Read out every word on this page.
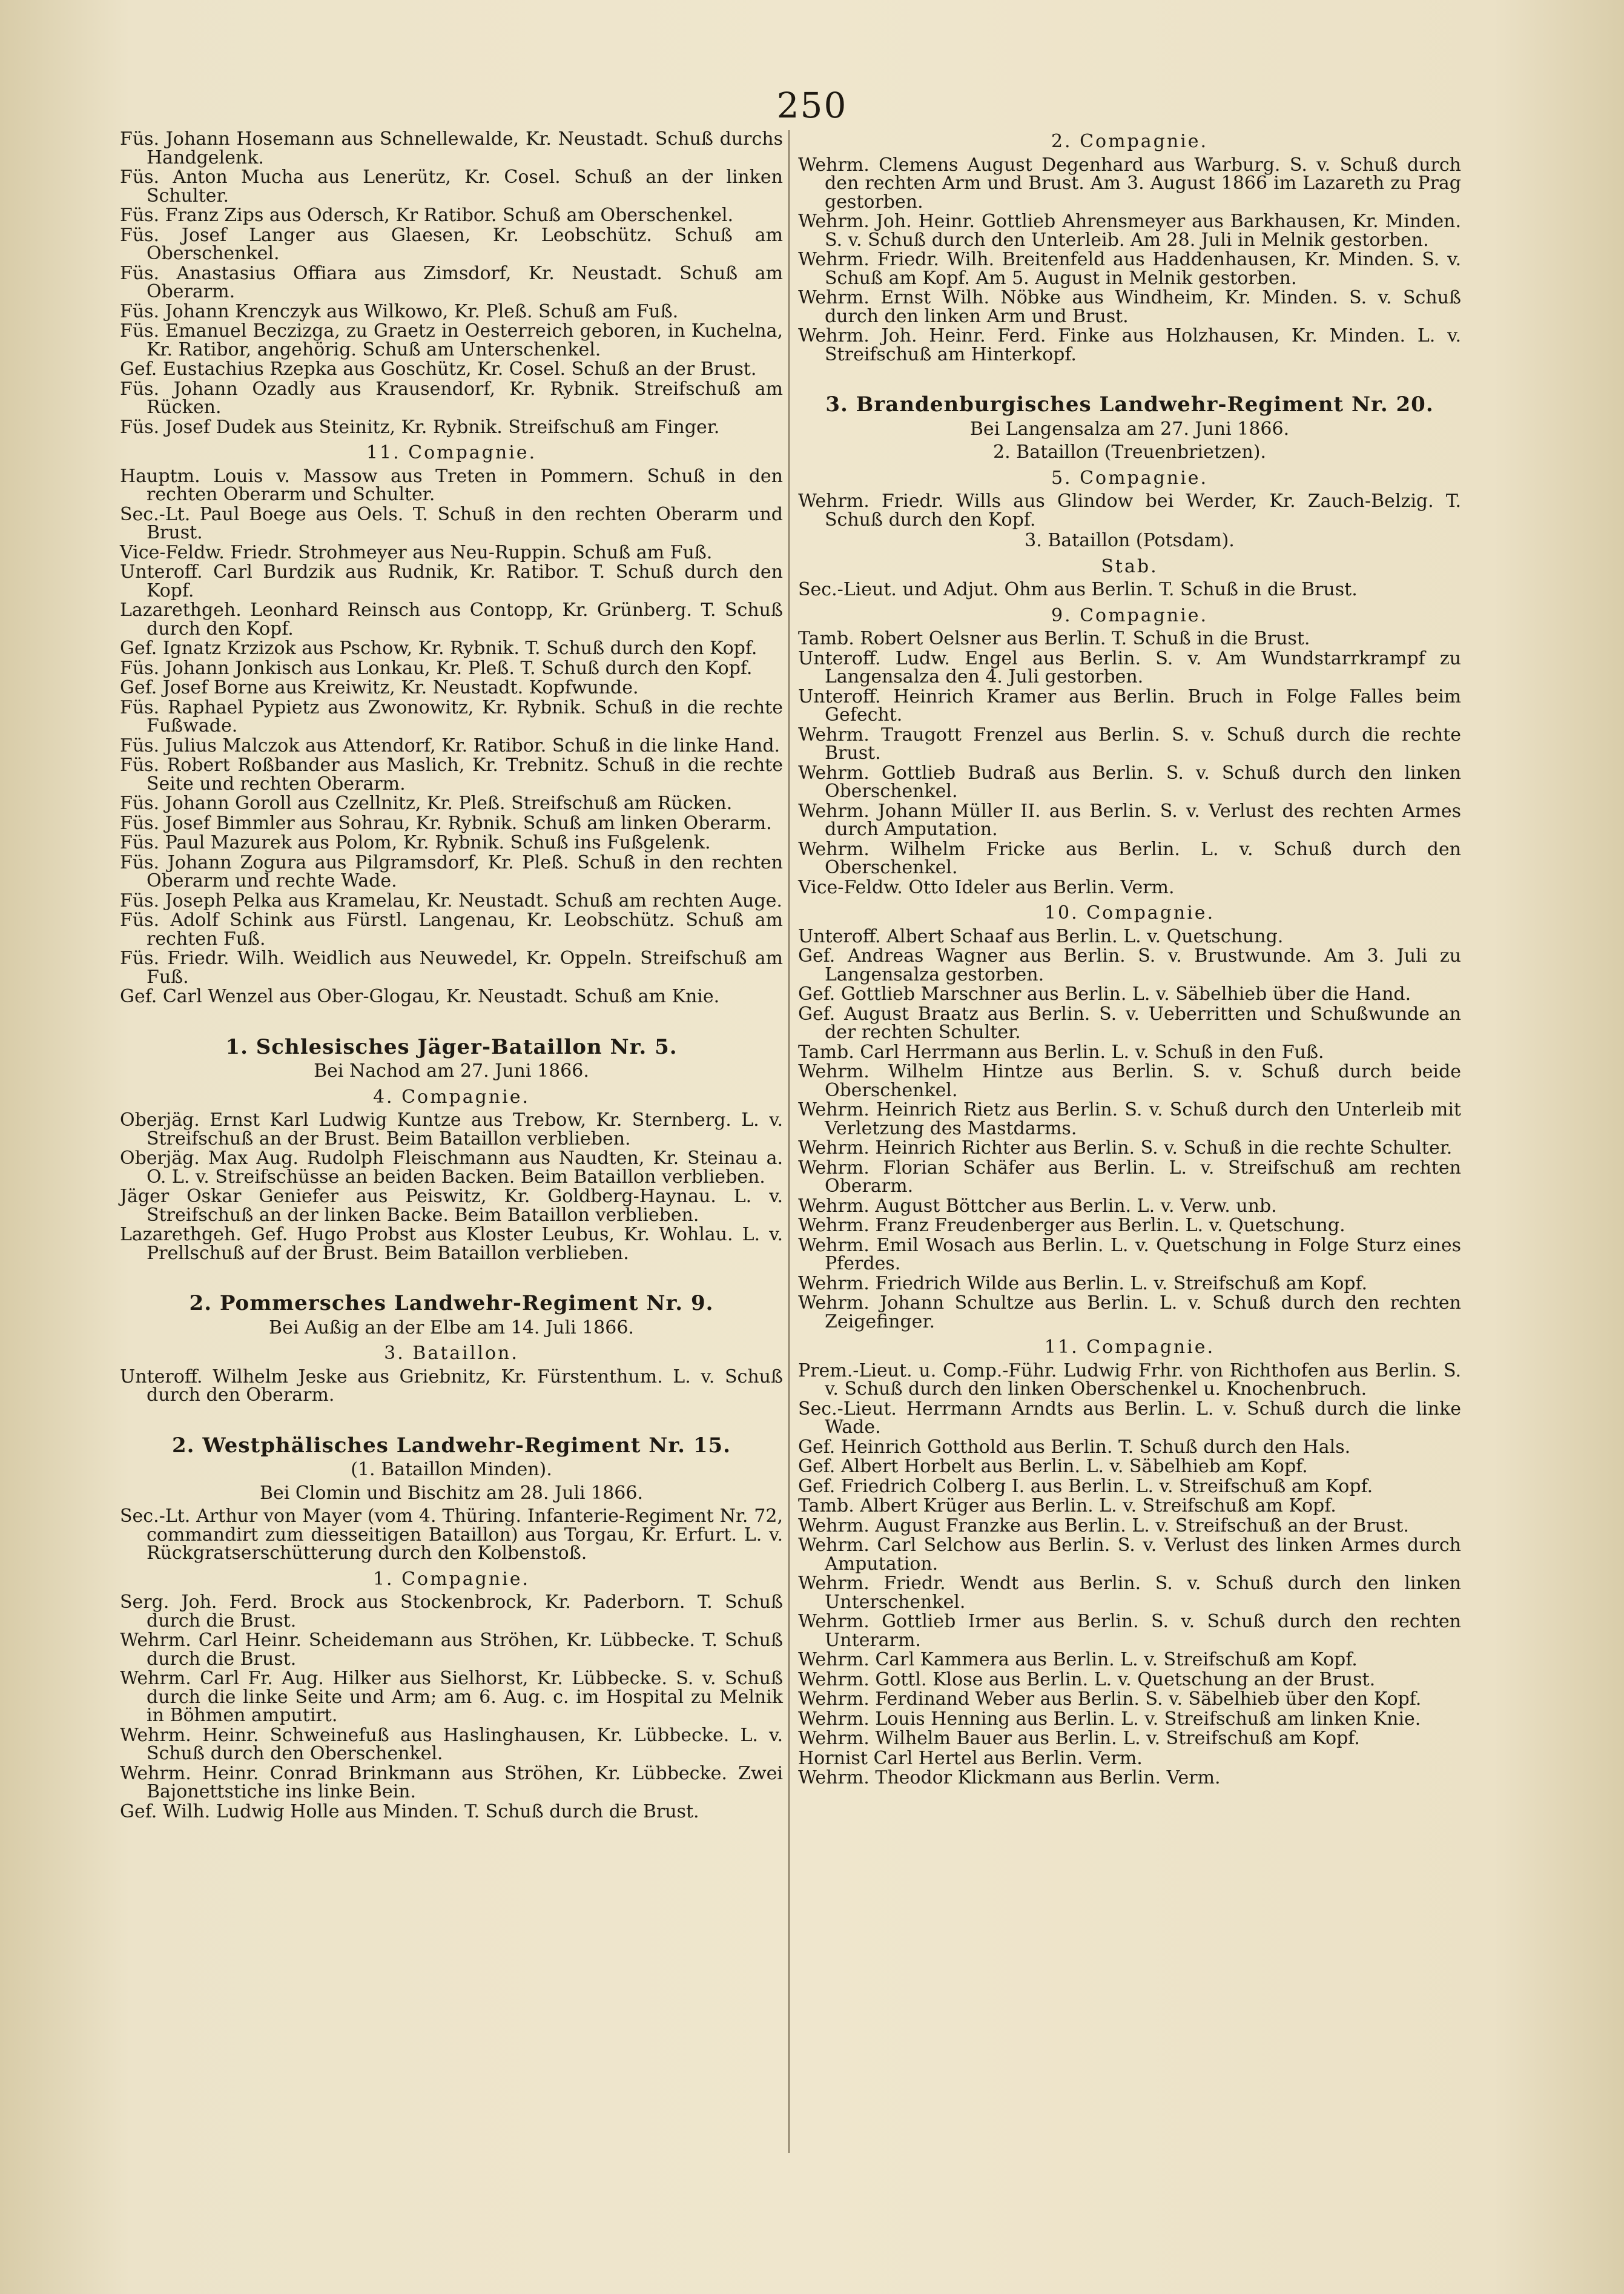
250

Füs. Johann Hosemann aus Schnellewalde, Kr. Neustadt. Schuß durchs Handgelenk.

Füs. Anton Mucha aus Lenerütz, Kr. Cosel. Schuß an der linken Schulter.

Füs. Franz Zips aus Odersch, Kr Ratibor. Schuß am Oberschenkel.

Füs. Josef Langer aus Glaesen, Kr. Leobschütz. Schuß am Oberschenkel.

Füs. Anastasius Offiara aus Zimsdorf, Kr. Neustadt. Schuß am Oberarm.

Füs. Johann Krenczyk aus Wilkowo, Kr. Pleß. Schuß am Fuß.

Füs. Emanuel Beczizga, zu Graetz in Oesterreich geboren, in Kuchelna, Kr. Ratibor, angehörig. Schuß am Unterschenkel.

Gef. Eustachius Rzepka aus Goschütz, Kr. Cosel. Schuß an der Brust.

Füs. Johann Ozadly aus Krausendorf, Kr. Rybnik. Streifschuß am Rücken.

Füs. Josef Dudek aus Steinitz, Kr. Rybnik. Streifschuß am Finger.

11. Compagnie.

Hauptm. Louis v. Massow aus Treten in Pommern. Schuß in den rechten Oberarm und Schulter.

Sec.-Lt. Paul Boege aus Oels. T. Schuß in den rechten Oberarm und Brust.

Vice-Feldw. Friedr. Strohmeyer aus Neu-Ruppin. Schuß am Fuß.

Unteroff. Carl Burdzik aus Rudnik, Kr. Ratibor. T. Schuß durch den Kopf.

Lazarethgeh. Leonhard Reinsch aus Contopp, Kr. Grünberg. T. Schuß durch den Kopf.

Gef. Ignatz Krzizok aus Pschow, Kr. Rybnik. T. Schuß durch den Kopf.

Füs. Johann Jonkisch aus Lonkau, Kr. Pleß. T. Schuß durch den Kopf.

Gef. Josef Borne aus Kreiwitz, Kr. Neustadt. Kopfwunde.

Füs. Raphael Pypietz aus Zwonowitz, Kr. Rybnik. Schuß in die rechte Fußwade.

Füs. Julius Malczok aus Attendorf, Kr. Ratibor. Schuß in die linke Hand.

Füs. Robert Roßbander aus Maslich, Kr. Trebnitz. Schuß in die rechte Seite und rechten Oberarm.

Füs. Johann Goroll aus Czellnitz, Kr. Pleß. Streifschuß am Rücken.

Füs. Josef Bimmler aus Sohrau, Kr. Rybnik. Schuß am linken Oberarm.

Füs. Paul Mazurek aus Polom, Kr. Rybnik. Schuß ins Fußgelenk.

Füs. Johann Zogura aus Pilgramsdorf, Kr. Pleß. Schuß in den rechten Oberarm und rechte Wade.

Füs. Joseph Pelka aus Kramelau, Kr. Neustadt. Schuß am rechten Auge.

Füs. Adolf Schink aus Fürstl. Langenau, Kr. Leobschütz. Schuß am rechten Fuß.

Füs. Friedr. Wilh. Weidlich aus Neuwedel, Kr. Oppeln. Streifschuß am Fuß.

Gef. Carl Wenzel aus Ober-Glogau, Kr. Neustadt. Schuß am Knie.

1. Schlesisches Jäger-Bataillon Nr. 5.
Bei Nachod am 27. Juni 1866.
4. Compagnie.

Oberjäg. Ernst Karl Ludwig Kuntze aus Trebow, Kr. Sternberg. L. v. Streifschuß an der Brust. Beim Bataillon verblieben.

Oberjäg. Max Aug. Rudolph Fleischmann aus Naudten, Kr. Steinau a. O. L. v. Streifschüsse an beiden Backen. Beim Bataillon verblieben.

Jäger Oskar Geniefer aus Peiswitz, Kr. Goldberg-Haynau. L. v. Streifschuß an der linken Backe. Beim Bataillon verblieben.

Lazarethgeh. Gef. Hugo Probst aus Kloster Leubus, Kr. Wohlau. L. v. Prellschuß auf der Brust. Beim Bataillon verblieben.

2. Pommersches Landwehr-Regiment Nr. 9.
Bei Außig an der Elbe am 14. Juli 1866.
3. Bataillon.

Unteroff. Wilhelm Jeske aus Griebnitz, Kr. Fürstenthum. L. v. Schuß durch den Oberarm.

2. Westphälisches Landwehr-Regiment Nr. 15.
(1. Bataillon Minden).
Bei Clomin und Bischitz am 28. Juli 1866.

Sec.-Lt. Arthur von Mayer (vom 4. Thüring. Infanterie-Regiment Nr. 72, commandirt zum diesseitigen Bataillon) aus Torgau, Kr. Erfurt. L. v. Rückgratserschütterung durch den Kolbenstoß.

1. Compagnie.

Serg. Joh. Ferd. Brock aus Stockenbrock, Kr. Paderborn. T. Schuß durch die Brust.

Wehrm. Carl Heinr. Scheidemann aus Ströhen, Kr. Lübbecke. T. Schuß durch die Brust.

Wehrm. Carl Fr. Aug. Hilker aus Sielhorst, Kr. Lübbecke. S. v. Schuß durch die linke Seite und Arm; am 6. Aug. c. im Hospital zu Melnik in Böhmen amputirt.

Wehrm. Heinr. Schweinefuß aus Haslinghausen, Kr. Lübbecke. L. v. Schuß durch den Oberschenkel.

Wehrm. Heinr. Conrad Brinkmann aus Ströhen, Kr. Lübbecke. Zwei Bajonettstiche ins linke Bein.

Gef. Wilh. Ludwig Holle aus Minden. T. Schuß durch die Brust.

2. Compagnie.

Wehrm. Clemens August Degenhard aus Warburg. S. v. Schuß durch den rechten Arm und Brust. Am 3. August 1866 im Lazareth zu Prag gestorben.

Wehrm. Joh. Heinr. Gottlieb Ahrensmeyer aus Barkhausen, Kr. Minden. S. v. Schuß durch den Unterleib. Am 28. Juli in Melnik gestorben.

Wehrm. Friedr. Wilh. Breitenfeld aus Haddenhausen, Kr. Minden. S. v. Schuß am Kopf. Am 5. August in Melnik gestorben.

Wehrm. Ernst Wilh. Nöbke aus Windheim, Kr. Minden. S. v. Schuß durch den linken Arm und Brust.

Wehrm. Joh. Heinr. Ferd. Finke aus Holzhausen, Kr. Minden. L. v. Streifschuß am Hinterkopf.

3. Brandenburgisches Landwehr-Regiment Nr. 20.
Bei Langensalza am 27. Juni 1866.
2. Bataillon (Treuenbrietzen).
5. Compagnie.

Wehrm. Friedr. Wills aus Glindow bei Werder, Kr. Zauch-Belzig. T. Schuß durch den Kopf.

3. Bataillon (Potsdam).
Stab.

Sec.-Lieut. und Adjut. Ohm aus Berlin. T. Schuß in die Brust.

9. Compagnie.

Tamb. Robert Oelsner aus Berlin. T. Schuß in die Brust.

Unteroff. Ludw. Engel aus Berlin. S. v. Am Wundstarrkrampf zu Langensalza den 4. Juli gestorben.

Unteroff. Heinrich Kramer aus Berlin. Bruch in Folge Falles beim Gefecht.

Wehrm. Traugott Frenzel aus Berlin. S. v. Schuß durch die rechte Brust.

Wehrm. Gottlieb Budraß aus Berlin. S. v. Schuß durch den linken Oberschenkel.

Wehrm. Johann Müller II. aus Berlin. S. v. Verlust des rechten Armes durch Amputation.

Wehrm. Wilhelm Fricke aus Berlin. L. v. Schuß durch den Oberschenkel.

Vice-Feldw. Otto Ideler aus Berlin. Verm.

10. Compagnie.

Unteroff. Albert Schaaf aus Berlin. L. v. Quetschung.

Gef. Andreas Wagner aus Berlin. S. v. Brustwunde. Am 3. Juli zu Langensalza gestorben.

Gef. Gottlieb Marschner aus Berlin. L. v. Säbelhieb über die Hand.

Gef. August Braatz aus Berlin. S. v. Ueberritten und Schußwunde an der rechten Schulter.

Tamb. Carl Herrmann aus Berlin. L. v. Schuß in den Fuß.

Wehrm. Wilhelm Hintze aus Berlin. S. v. Schuß durch beide Oberschenkel.

Wehrm. Heinrich Rietz aus Berlin. S. v. Schuß durch den Unterleib mit Verletzung des Mastdarms.

Wehrm. Heinrich Richter aus Berlin. S. v. Schuß in die rechte Schulter.

Wehrm. Florian Schäfer aus Berlin. L. v. Streifschuß am rechten Oberarm.

Wehrm. August Böttcher aus Berlin. L. v. Verw. unb.

Wehrm. Franz Freudenberger aus Berlin. L. v. Quetschung.

Wehrm. Emil Wosach aus Berlin. L. v. Quetschung in Folge Sturz eines Pferdes.

Wehrm. Friedrich Wilde aus Berlin. L. v. Streifschuß am Kopf.

Wehrm. Johann Schultze aus Berlin. L. v. Schuß durch den rechten Zeigefinger.

11. Compagnie.

Prem.-Lieut. u. Comp.-Führ. Ludwig Frhr. von Richthofen aus Berlin. S. v. Schuß durch den linken Oberschenkel u. Knochenbruch.

Sec.-Lieut. Herrmann Arndts aus Berlin. L. v. Schuß durch die linke Wade.

Gef. Heinrich Gotthold aus Berlin. T. Schuß durch den Hals.

Gef. Albert Horbelt aus Berlin. L. v. Säbelhieb am Kopf.

Gef. Friedrich Colberg I. aus Berlin. L. v. Streifschuß am Kopf.

Tamb. Albert Krüger aus Berlin. L. v. Streifschuß am Kopf.

Wehrm. August Franzke aus Berlin. L. v. Streifschuß an der Brust.

Wehrm. Carl Selchow aus Berlin. S. v. Verlust des linken Armes durch Amputation.

Wehrm. Friedr. Wendt aus Berlin. S. v. Schuß durch den linken Unterschenkel.

Wehrm. Gottlieb Irmer aus Berlin. S. v. Schuß durch den rechten Unterarm.

Wehrm. Carl Kammera aus Berlin. L. v. Streifschuß am Kopf.

Wehrm. Gottl. Klose aus Berlin. L. v. Quetschung an der Brust.

Wehrm. Ferdinand Weber aus Berlin. S. v. Säbelhieb über den Kopf.

Wehrm. Louis Henning aus Berlin. L. v. Streifschuß am linken Knie.

Wehrm. Wilhelm Bauer aus Berlin. L. v. Streifschuß am Kopf.

Hornist Carl Hertel aus Berlin. Verm.

Wehrm. Theodor Klickmann aus Berlin. Verm.
